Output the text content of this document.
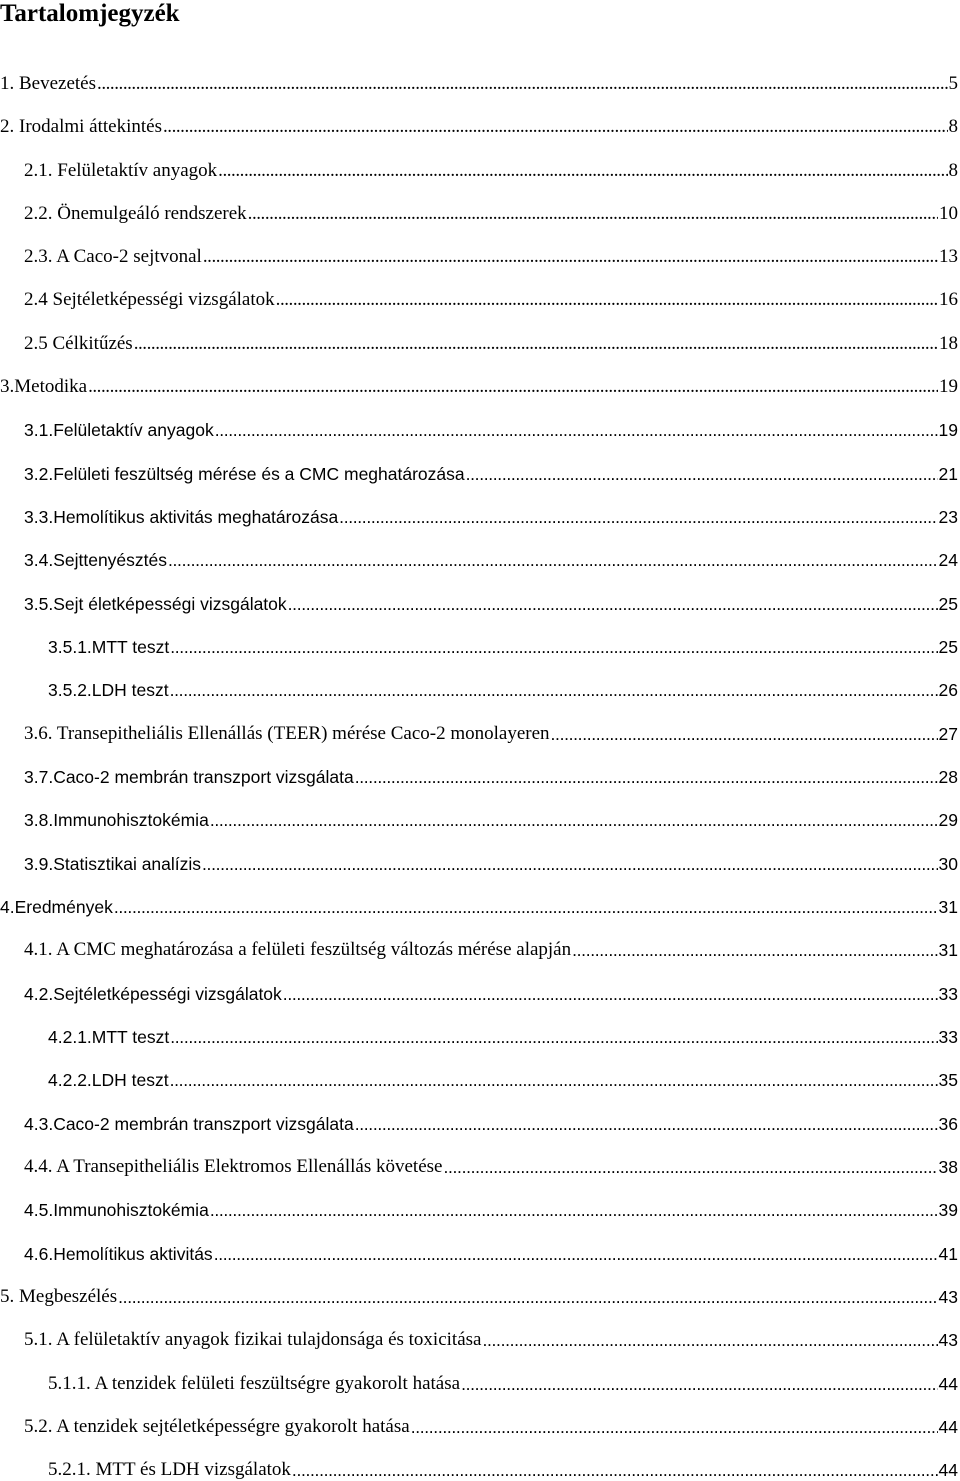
Tartalomjegyzék
1. Bevezetés . . .	5
2. Irodalmi áttekintés . . .	8
2.1. Felületaktív anyagok . . .	8
2.2. Önemulgeáló rendszerek . . .	10
2.3. A Caco-2 sejtvonal . . .	13
2.4 Sejtéletképességi vizsgálatok . . .	16
2.5 Célkitűzés . . .	18
3.Metodika . . .	19
3.1.Felületaktív anyagok . . .	19
3.2.Felületi feszültség mérése és a CMC meghatározása . . .	21
3.3.Hemolítikus aktivitás meghatározása . . .	23
3.4.Sejttenyésztés . . .	24
3.5.Sejt életképességi vizsgálatok . . .	25
3.5.1.MTT teszt . . .	25
3.5.2.LDH teszt . . .	26
3.6. Transepitheliális Ellenállás (TEER) mérése Caco-2 monolayeren . . .	27
3.7.Caco-2 membrán transzport vizsgálata . . .	28
3.8.Immunohisztokémia . . .	29
3.9.Statisztikai analízis . . .	30
4.Eredmények . . .	31
4.1. A CMC meghatározása a felületi feszültség változás mérése alapján . . .	31
4.2.Sejtéletképességi vizsgálatok . . .	33
4.2.1.MTT teszt . . .	33
4.2.2.LDH teszt . . .	35
4.3.Caco-2 membrán transzport vizsgálata . . .	36
4.4. A Transepitheliális Elektromos Ellenállás követése . . .	38
4.5.Immunohisztokémia . . .	39
4.6.Hemolítikus aktivitás . . .	41
5. Megbeszélés . . .	43
5.1. A felületaktív anyagok fizikai tulajdonsága és toxicitása . . .	43
5.1.1. A tenzidek felületi feszültségre gyakorolt hatása . . .	44
5.2. A tenzidek sejtéletképességre gyakorolt hatása . . .	44
5.2.1. MTT és LDH vizsgálatok . . .	44
